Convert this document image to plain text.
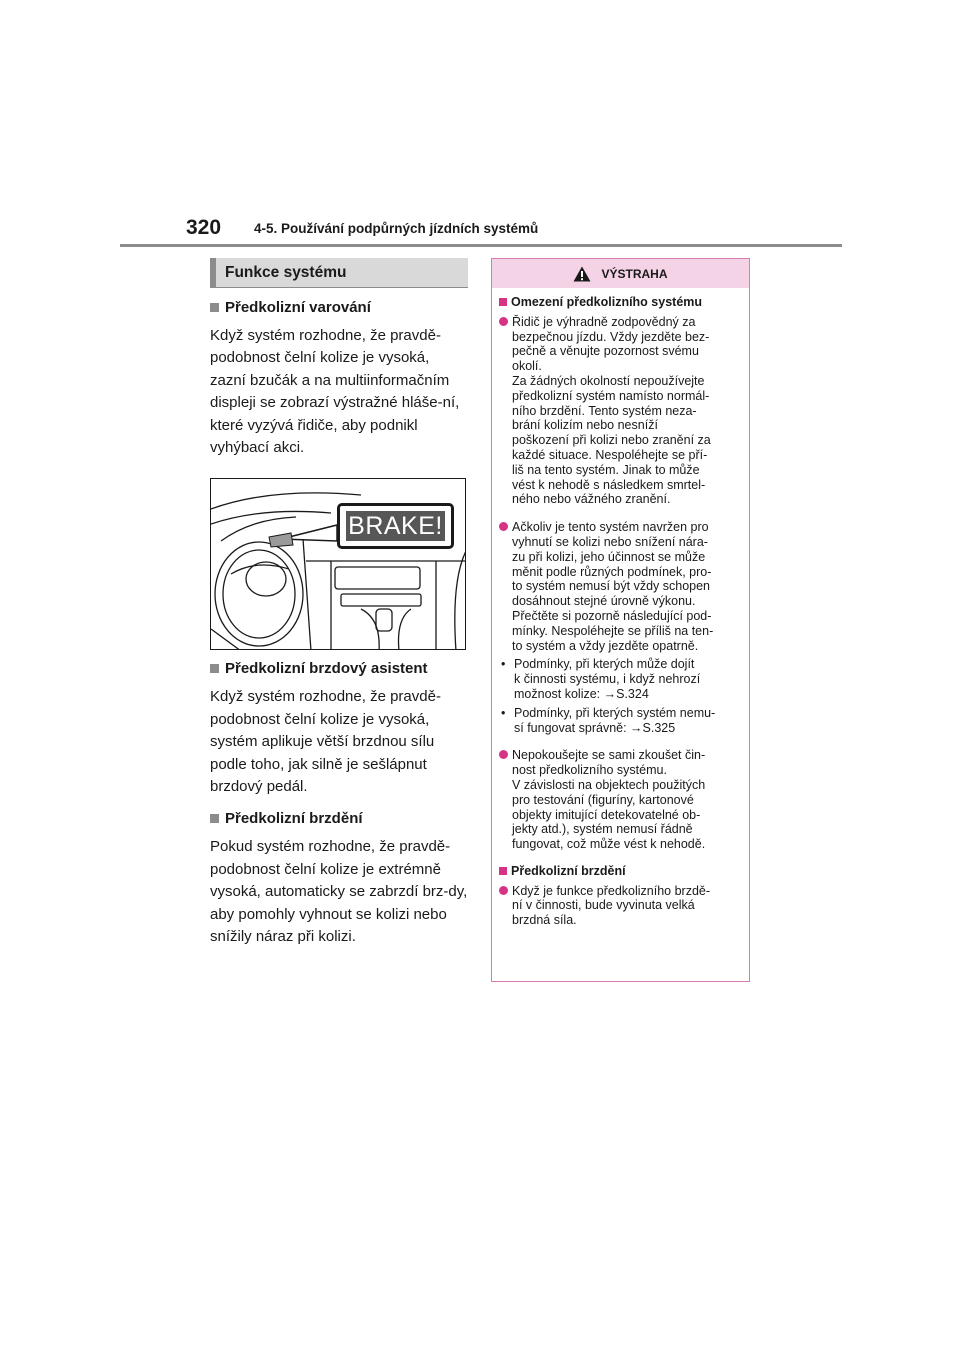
320 4-5. Používání podpůrných jízdních systémů
Funkce systému
Předkolizní varování
Když systém rozhodne, že pravdě-podobnost čelní kolize je vysoká, zazní bzučák a na multiinformačním displeji se zobrazí výstražné hláše-ní, které vyzývá řidiče, aby podnikl vyhýbací akci.
BRAKE!
Předkolizní brzdový asistent
Když systém rozhodne, že pravdě-podobnost čelní kolize je vysoká, systém aplikuje větší brzdnou sílu podle toho, jak silně je sešlápnut brzdový pedál.
Předkolizní brzdění
Pokud systém rozhodne, že pravdě-podobnost čelní kolize je extrémně vysoká, automaticky se zabrzdí brz-dy, aby pomohly vyhnout se kolizi nebo snížily náraz při kolizi.
VÝSTRAHA
Omezení předkolizního systému
Řidič je výhradně zodpovědný za
bezpečnou jízdu. Vždy jezděte bez-
pečně a věnujte pozornost svému
okolí.
Za žádných okolností nepoužívejte
předkolizní systém namísto normál-
ního brzdění. Tento systém neza-
brání kolizím nebo nesníží
poškození při kolizi nebo zranění za
každé situace. Nespoléhejte se pří-
liš na tento systém. Jinak to může
vést k nehodě s následkem smrtel-
ného nebo vážného zranění.
Ačkoliv je tento systém navržen pro
vyhnutí se kolizi nebo snížení nára-
zu při kolizi, jeho účinnost se může
měnit podle různých podmínek, pro-
to systém nemusí být vždy schopen
dosáhnout stejné úrovně výkonu.
Přečtěte si pozorně následující pod-
mínky. Nespoléhejte se příliš na ten-
to systém a vždy jezděte opatrně.
• Podmínky, při kterých může dojít
k činnosti systému, i když nehrozí
možnost kolize: →S.324
• Podmínky, při kterých systém nemu-
sí fungovat správně: →S.325
Nepokoušejte se sami zkoušet čin-
nost předkolizního systému.
V závislosti na objektech použitých
pro testování (figuríny, kartonové
objekty imitující detekovatelné ob-
jekty atd.), systém nemusí řádně
fungovat, což může vést k nehodě.
Předkolizní brzdění
Když je funkce předkolizního brzdě-
ní v činnosti, bude vyvinuta velká
brzdná síla.
